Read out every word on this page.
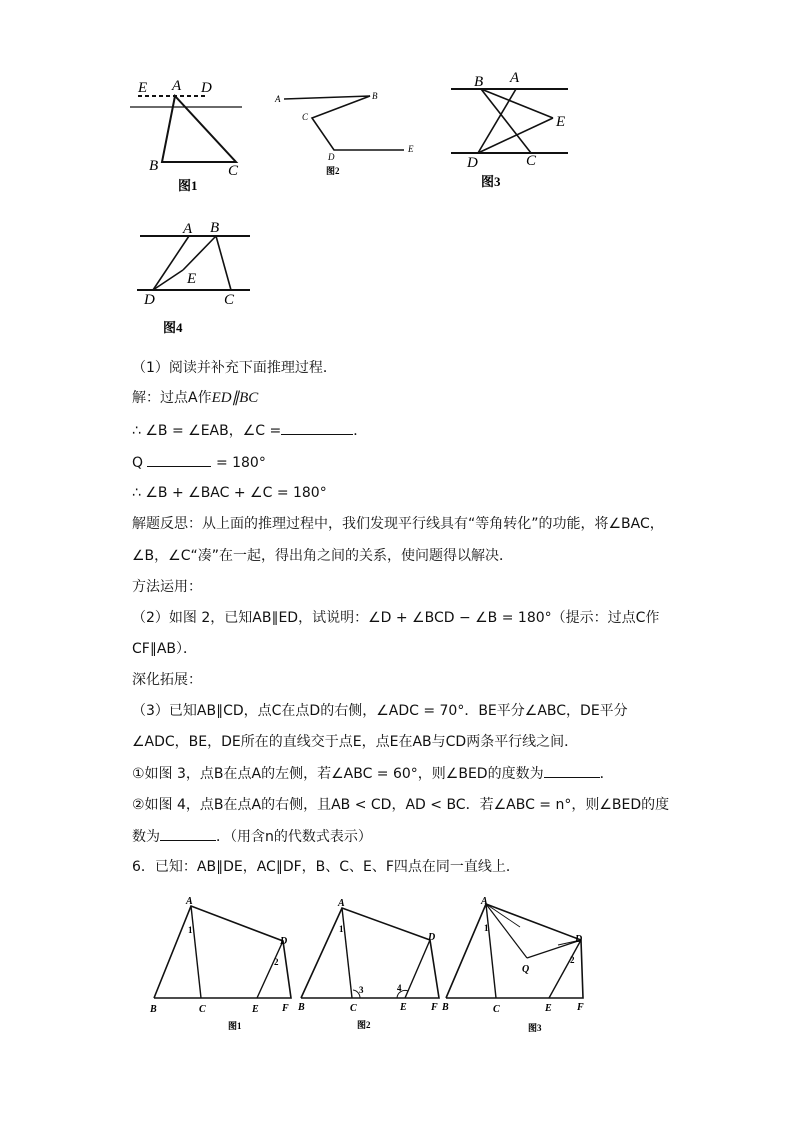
E A D
B	C
图1
A	B
C
D
E
图2
B A
E
D	C
图3
A B
E
D	C
图4
（1）阅读并补充下面推理过程．
解：过点A作ED∥BC
∴ ∠B = ∠EAB，∠C =	．
Q	= 180°
∴ ∠B + ∠BAC + ∠C = 180°
解题反思：从上面的推理过程中，我们发现平行线具有“等角转化”的功能，将∠BAC，
∠B，∠C“凑”在一起，得出角之间的关系，使问题得以解决．
方法运用：
（2）如图 2，已知AB∥ED，试说明：∠D + ∠BCD − ∠B = 180°（提示：过点C作
CF∥AB）．
深化拓展：
（3）已知AB∥CD，点C在点D的右侧，∠ADC = 70°．BE平分∠ABC，DE平分
∠ADC，BE，DE所在的直线交于点E，点E在AB与CD两条平行线之间．
①如图 3，点B在点A的左侧，若∠ABC = 60°，则∠BED的度数为	．
②如图 4，点B在点A的右侧，且AB < CD，AD < BC．若∠ABC = n°，则∠BED的度
数为	．（用含n的代数式表示）
6．已知：AB∥DE，AC∥DF，B、C、E、F四点在同一直线上．
A
1
D
2
B	C	E F
图1
A
1
D
3	4
B	C	E F
图2
A
1
D
2
Q
B	C	E	F
图3
